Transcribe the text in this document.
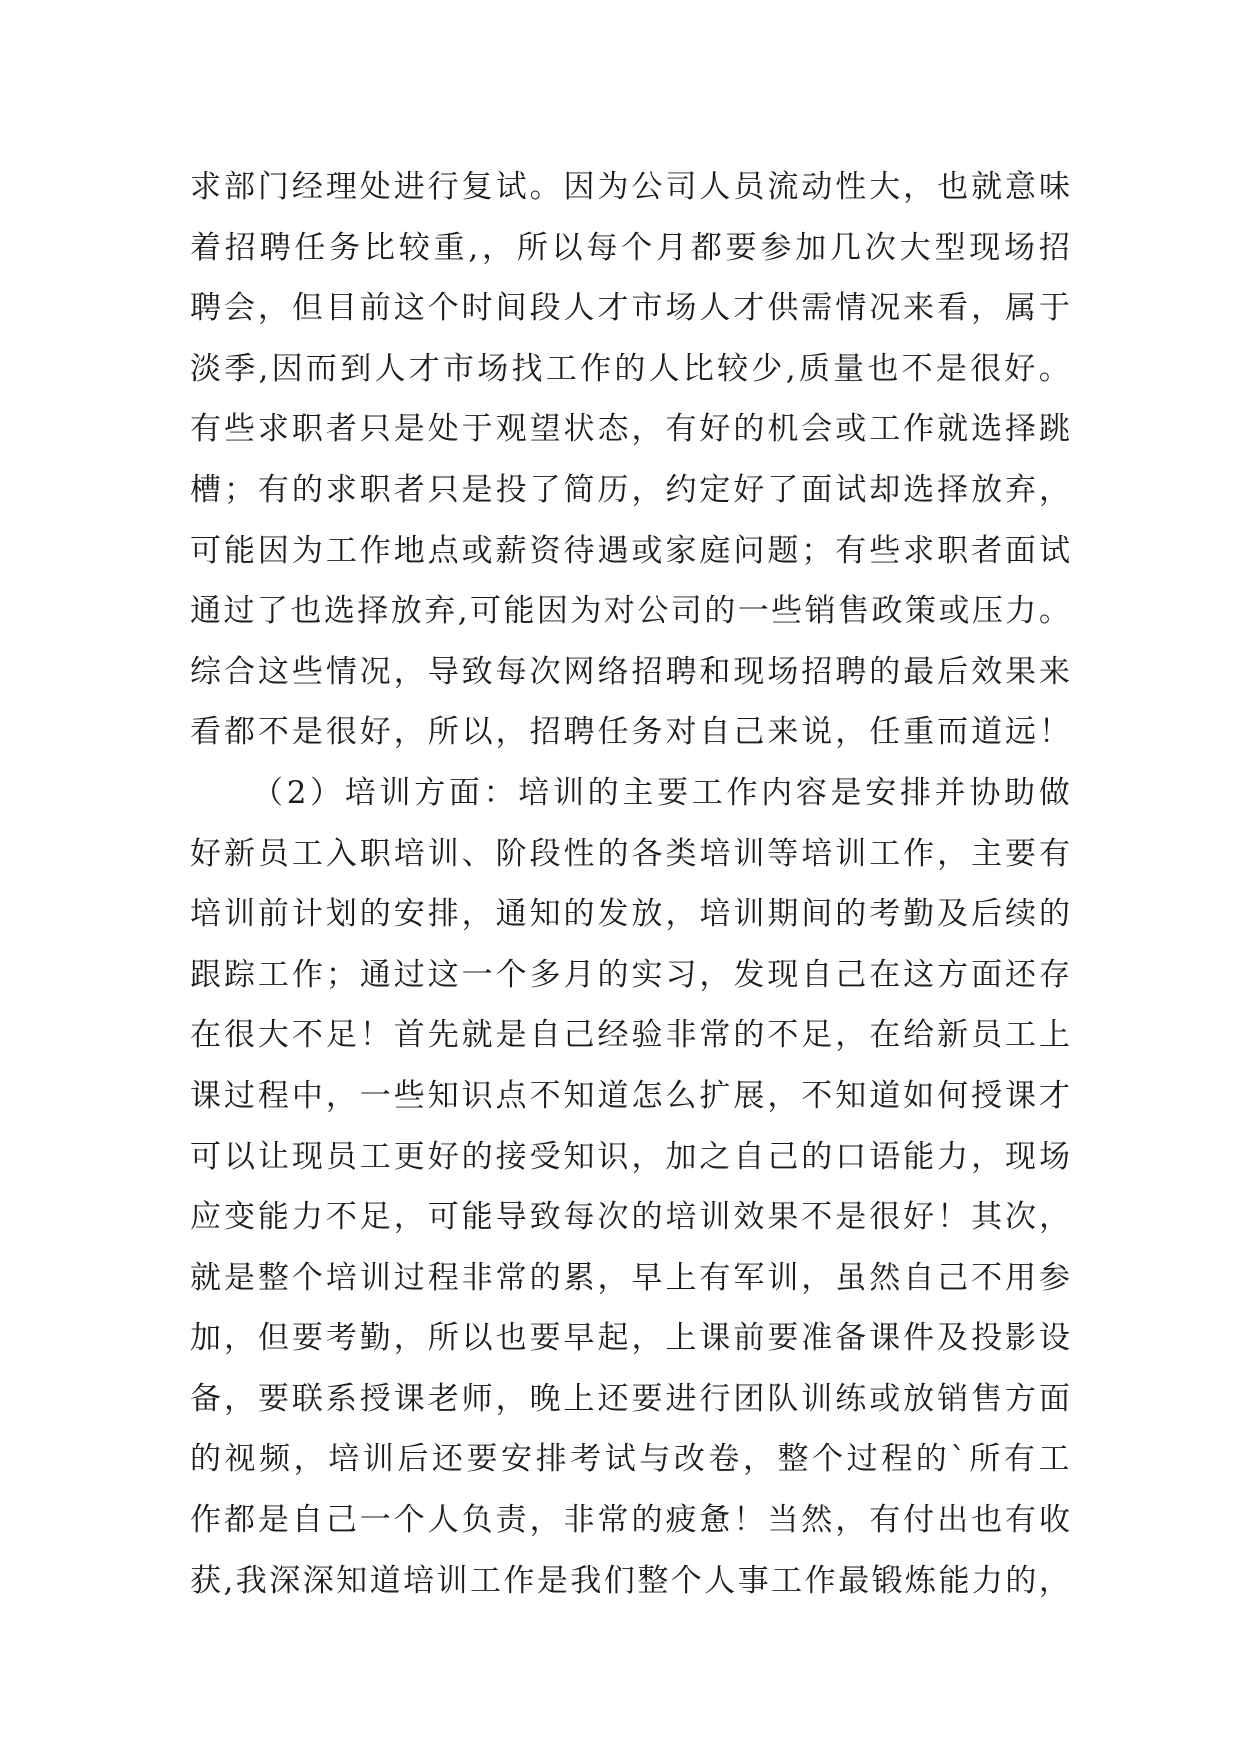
求部门经理处进行复试。因为公司人员流动性大，也就意味
着招聘任务比较重,，所以每个月都要参加几次大型现场招
聘会，但目前这个时间段人才市场人才供需情况来看，属于
淡季,因而到人才市场找工作的人比较少,质量也不是很好。
有些求职者只是处于观望状态，有好的机会或工作就选择跳
槽；有的求职者只是投了简历，约定好了面试却选择放弃，
可能因为工作地点或薪资待遇或家庭问题；有些求职者面试
通过了也选择放弃,可能因为对公司的一些销售政策或压力。
综合这些情况，导致每次网络招聘和现场招聘的最后效果来
看都不是很好，所以，招聘任务对自己来说，任重而道远！
（2）培训方面：培训的主要工作内容是安排并协助做
好新员工入职培训、阶段性的各类培训等培训工作，主要有
培训前计划的安排，通知的发放，培训期间的考勤及后续的
跟踪工作；通过这一个多月的实习，发现自己在这方面还存
在很大不足！首先就是自己经验非常的不足，在给新员工上
课过程中，一些知识点不知道怎么扩展，不知道如何授课才
可以让现员工更好的接受知识，加之自己的口语能力，现场
应变能力不足，可能导致每次的培训效果不是很好！其次，
就是整个培训过程非常的累，早上有军训，虽然自己不用参
加，但要考勤，所以也要早起，上课前要准备课件及投影设
备，要联系授课老师，晚上还要进行团队训练或放销售方面
的视频，培训后还要安排考试与改卷，整个过程的`所有工
作都是自己一个人负责，非常的疲惫！当然，有付出也有收
获,我深深知道培训工作是我们整个人事工作最锻炼能力的，
